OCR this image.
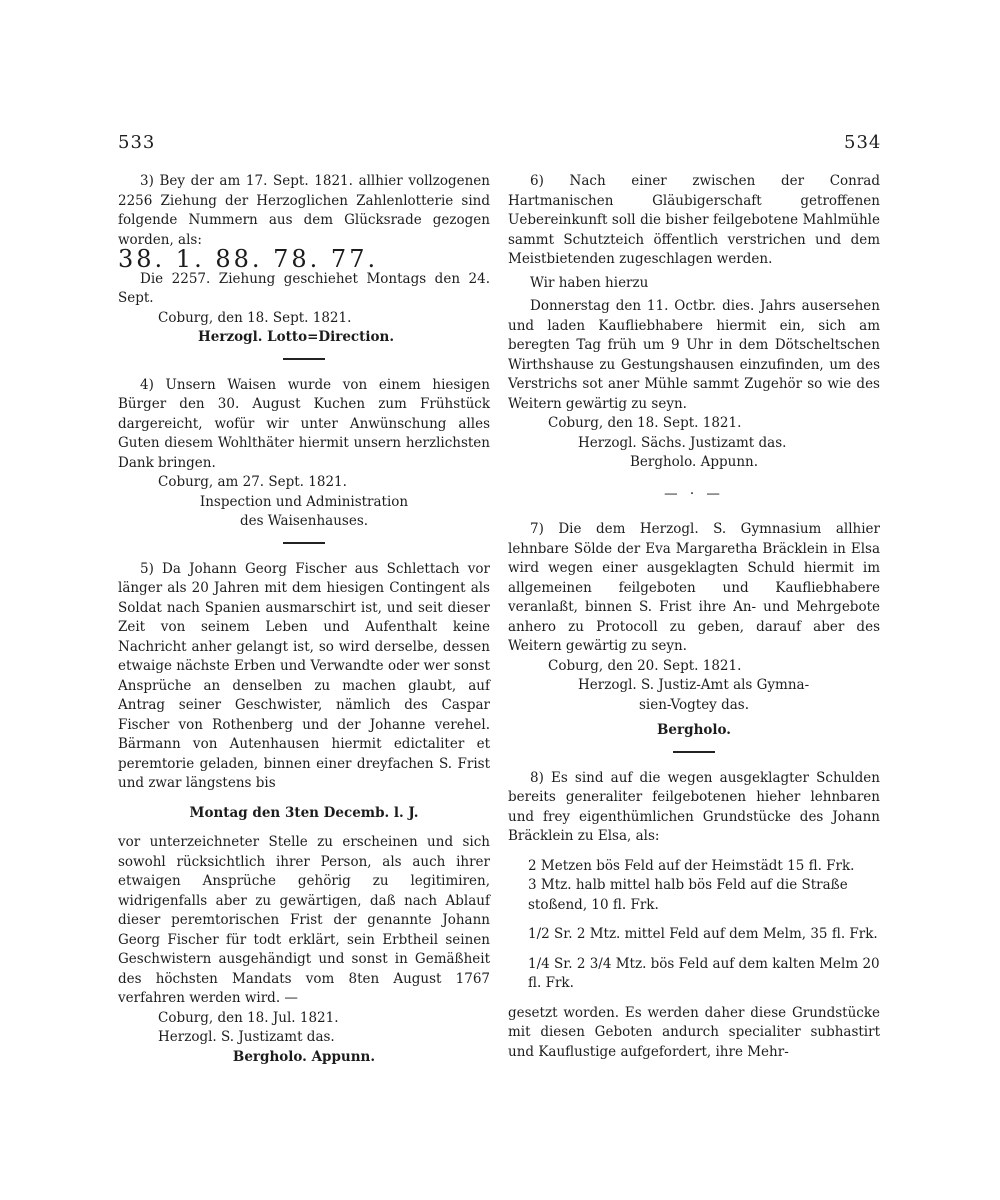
533	534

3) Bey der am 17. Sept. 1821. allhier vollzogenen 2256 Ziehung der Herzoglichen Zahlenlotterie sind folgende Nummern aus dem Glücksrade gezogen worden, als:

38. 1. 88. 78. 77.

Die 2257. Ziehung geschiehet Montags den 24. Sept.

Coburg, den 18. Sept. 1821.

Herzogl. Lotto=Direction.

4) Unsern Waisen wurde von einem hiesigen Bürger den 30. August Kuchen zum Frühstück dargereicht, wofür wir unter Anwünschung alles Guten diesem Wohlthäter hiermit unsern herzlichsten Dank bringen.

Coburg, am 27. Sept. 1821.

Inspection und Administration

des Waisenhauses.

5) Da Johann Georg Fischer aus Schlettach vor länger als 20 Jahren mit dem hiesigen Contingent als Soldat nach Spanien ausmarschirt ist, und seit dieser Zeit von seinem Leben und Aufenthalt keine Nachricht anher gelangt ist, so wird derselbe, dessen etwaige nächste Erben und Verwandte oder wer sonst Ansprüche an denselben zu machen glaubt, auf Antrag seiner Geschwister, nämlich des Caspar Fischer von Rothenberg und der Johanne verehel. Bärmann von Autenhausen hiermit edictaliter et peremtorie geladen, binnen einer dreyfachen S. Frist und zwar längstens bis

Montag den 3ten Decemb. l. J.

vor unterzeichneter Stelle zu erscheinen und sich sowohl rücksichtlich ihrer Person, als auch ihrer etwaigen Ansprüche gehörig zu legitimiren, widrigenfalls aber zu gewärtigen, daß nach Ablauf dieser peremtorischen Frist der genannte Johann Georg Fischer für todt erklärt, sein Erbtheil seinen Geschwistern ausgehändigt und sonst in Gemäßheit des höchsten Mandats vom 8ten August 1767 verfahren werden wird. —

Coburg, den 18. Jul. 1821.

Herzogl. S. Justizamt das.

Bergholo. Appunn.

6) Nach einer zwischen der Conrad Hartmanischen Gläubigerschaft getroffenen Uebereinkunft soll die bisher feilgebotene Mahlmühle sammt Schutzteich öffentlich verstrichen und dem Meistbietenden zugeschlagen werden.

Wir haben hierzu

Donnerstag den 11. Octbr. dies. Jahrs ausersehen und laden Kaufliebhabere hiermit ein, sich am beregten Tag früh um 9 Uhr in dem Dötscheltschen Wirthshause zu Gestungshausen einzufinden, um des Verstrichs sot aner Mühle sammt Zugehör so wie des Weitern gewärtig zu seyn.

Coburg, den 18. Sept. 1821.

Herzogl. Sächs. Justizamt das.

Bergholo. Appunn.

— · —

7) Die dem Herzogl. S. Gymnasium allhier lehnbare Sölde der Eva Margaretha Bräcklein in Elsa wird wegen einer ausgeklagten Schuld hiermit im allgemeinen feilgeboten und Kaufliebhabere veranlaßt, binnen S. Frist ihre An- und Mehrgebote anhero zu Protocoll zu geben, darauf aber des Weitern gewärtig zu seyn.

Coburg, den 20. Sept. 1821.

Herzogl. S. Justiz-Amt als Gymna-

sien-Vogtey das.

Bergholo.

8) Es sind auf die wegen ausgeklagter Schulden bereits generaliter feilgebotenen hieher lehnbaren und frey eigenthümlichen Grundstücke des Johann Bräcklein zu Elsa, als:

2 Metzen bös Feld auf der Heimstädt 15 fl. Frk.

3 Mtz. halb mittel halb bös Feld auf die Straße stoßend, 10 fl. Frk.

1/2 Sr. 2 Mtz. mittel Feld auf dem Melm, 35 fl. Frk.

1/4 Sr. 2 3/4 Mtz. bös Feld auf dem kalten Melm 20 fl. Frk.

gesetzt worden. Es werden daher diese Grundstücke mit diesen Geboten andurch specialiter subhastirt und Kauflustige aufgefordert, ihre Mehr-
